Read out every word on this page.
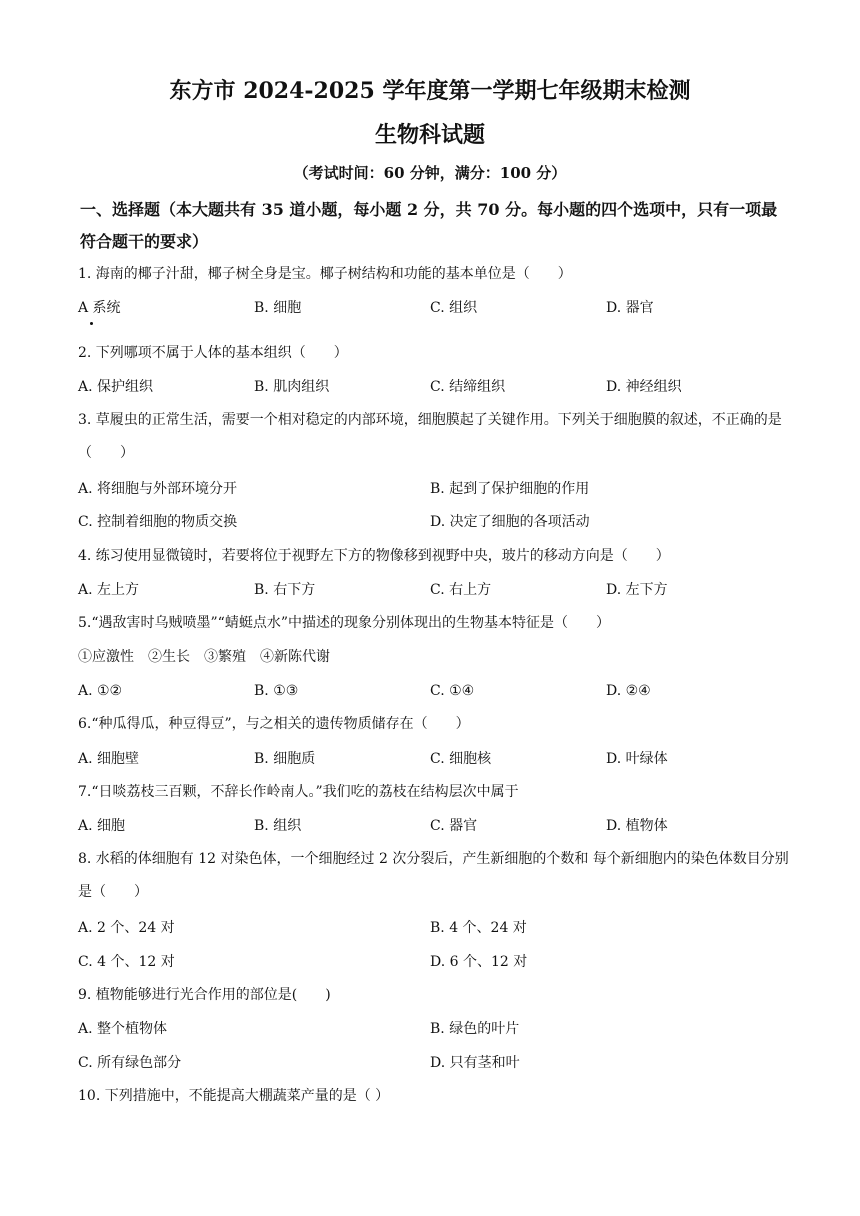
东方市 2024-2025 学年度第一学期七年级期末检测
生物科试题
（考试时间：60 分钟，满分：100 分）
一、选择题（本大题共有 35 道小题，每小题 2 分，共 70 分。每小题的四个选项中，只有一项最符合题干的要求）
1. 海南的椰子汁甜，椰子树全身是宝。椰子树结构和功能的基本单位是（　　）
A 系统	B. 细胞	C. 组织	D. 器官
2. 下列哪项不属于人体的基本组织（　　）
A. 保护组织	B. 肌肉组织	C. 结缔组织	D. 神经组织
3. 草履虫的正常生活，需要一个相对稳定的内部环境，细胞膜起了关键作用。下列关于细胞膜的叙述，不正确的是（　　）
A. 将细胞与外部环境分开	B. 起到了保护细胞的作用
C. 控制着细胞的物质交换	D. 决定了细胞的各项活动
4. 练习使用显微镜时，若要将位于视野左下方的物像移到视野中央，玻片的移动方向是（　　）
A. 左上方	B. 右下方	C. 右上方	D. 左下方
5.“遇敌害时乌贼喷墨”“蜻蜓点水”中描述的现象分别体现出的生物基本特征是（　　）
①应激性　②生长　③繁殖　④新陈代谢
A. ①②	B. ①③	C. ①④	D. ②④
6.“种瓜得瓜，种豆得豆”，与之相关的遗传物质储存在（　　）
A. 细胞壁	B. 细胞质	C. 细胞核	D. 叶绿体
7.“日啖荔枝三百颗，不辞长作岭南人。”我们吃的荔枝在结构层次中属于
A. 细胞	B. 组织	C. 器官	D. 植物体
8. 水稻的体细胞有 12 对染色体，一个细胞经过 2 次分裂后，产生新细胞的个数和 每个新细胞内的染色体数目分别是（　　）
A. 2 个、24 对	B. 4 个、24 对
C. 4 个、12 对	D. 6 个、12 对
9. 植物能够进行光合作用的部位是(　　)
A. 整个植物体	B. 绿色的叶片
C. 所有绿色部分	D. 只有茎和叶
10. 下列措施中，不能提高大棚蔬菜产量的是（ ）
